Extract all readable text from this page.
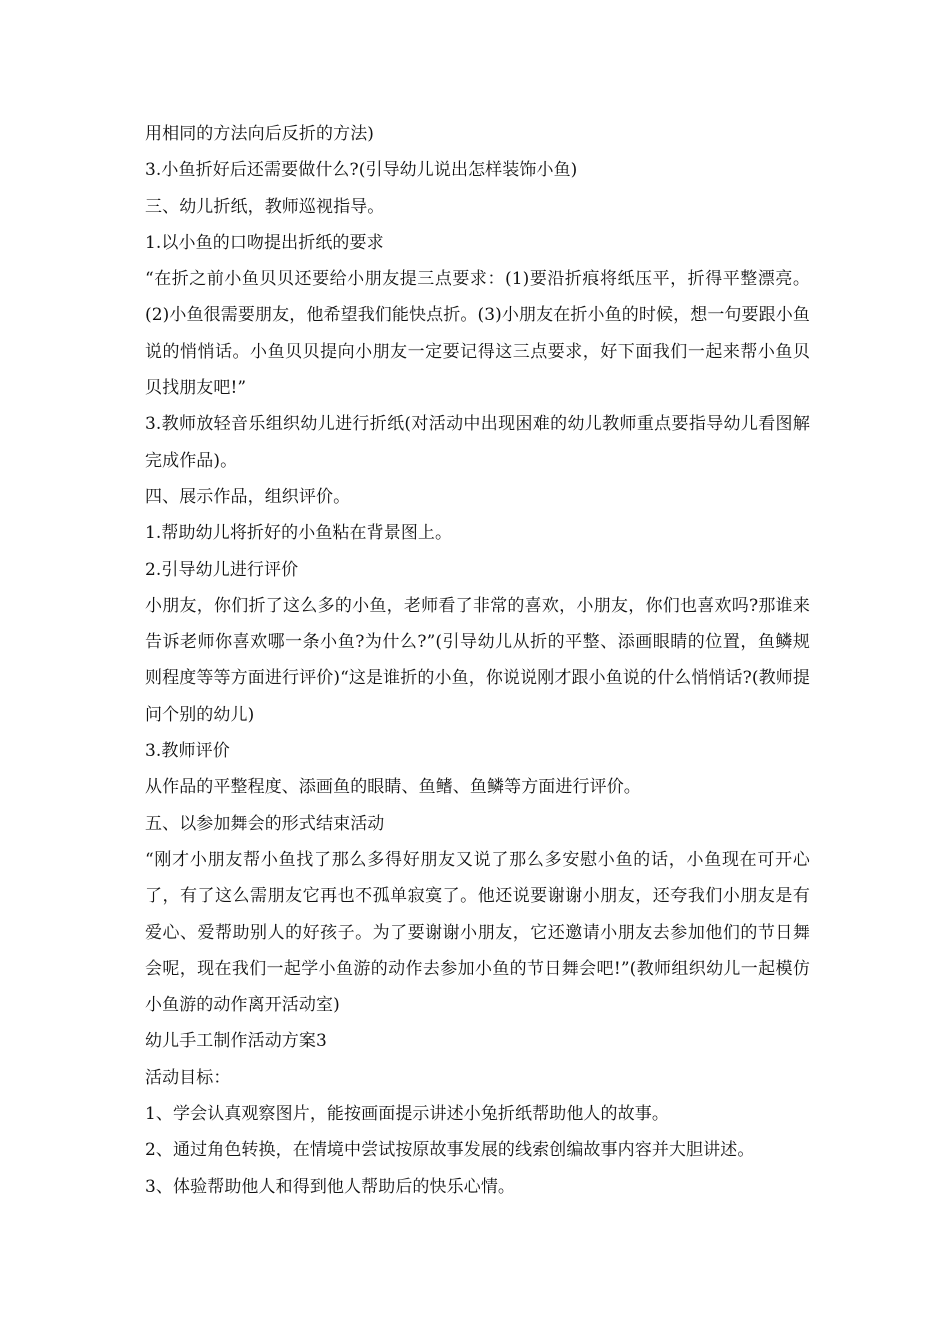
用相同的方法向后反折的方法)

3.小鱼折好后还需要做什么?(引导幼儿说出怎样装饰小鱼)

三、幼儿折纸，教师巡视指导。

1.以小鱼的口吻提出折纸的要求

“在折之前小鱼贝贝还要给小朋友提三点要求：(1)要沿折痕将纸压平，折得平整漂亮。(2)小鱼很需要朋友，他希望我们能快点折。(3)小朋友在折小鱼的时候，想一句要跟小鱼说的悄悄话。小鱼贝贝提向小朋友一定要记得这三点要求，好下面我们一起来帮小鱼贝贝找朋友吧!”

3.教师放轻音乐组织幼儿进行折纸(对活动中出现困难的幼儿教师重点要指导幼儿看图解完成作品)。

四、展示作品，组织评价。

1.帮助幼儿将折好的小鱼粘在背景图上。

2.引导幼儿进行评价

小朋友，你们折了这么多的小鱼，老师看了非常的喜欢，小朋友，你们也喜欢吗?那谁来告诉老师你喜欢哪一条小鱼?为什么?”(引导幼儿从折的平整、添画眼睛的位置，鱼鳞规则程度等等方面进行评价)“这是谁折的小鱼，你说说刚才跟小鱼说的什么悄悄话?(教师提问个别的幼儿)

3.教师评价

从作品的平整程度、添画鱼的眼睛、鱼鳍、鱼鳞等方面进行评价。

五、以参加舞会的形式结束活动

“刚才小朋友帮小鱼找了那么多得好朋友又说了那么多安慰小鱼的话，小鱼现在可开心了，有了这么需朋友它再也不孤单寂寞了。他还说要谢谢小朋友，还夸我们小朋友是有爱心、爱帮助别人的好孩子。为了要谢谢小朋友，它还邀请小朋友去参加他们的节日舞会呢，现在我们一起学小鱼游的动作去参加小鱼的节日舞会吧!”(教师组织幼儿一起模仿小鱼游的动作离开活动室)

幼儿手工制作活动方案3

活动目标：

1、学会认真观察图片，能按画面提示讲述小兔折纸帮助他人的故事。

2、通过角色转换，在情境中尝试按原故事发展的线索创编故事内容并大胆讲述。

3、体验帮助他人和得到他人帮助后的快乐心情。
